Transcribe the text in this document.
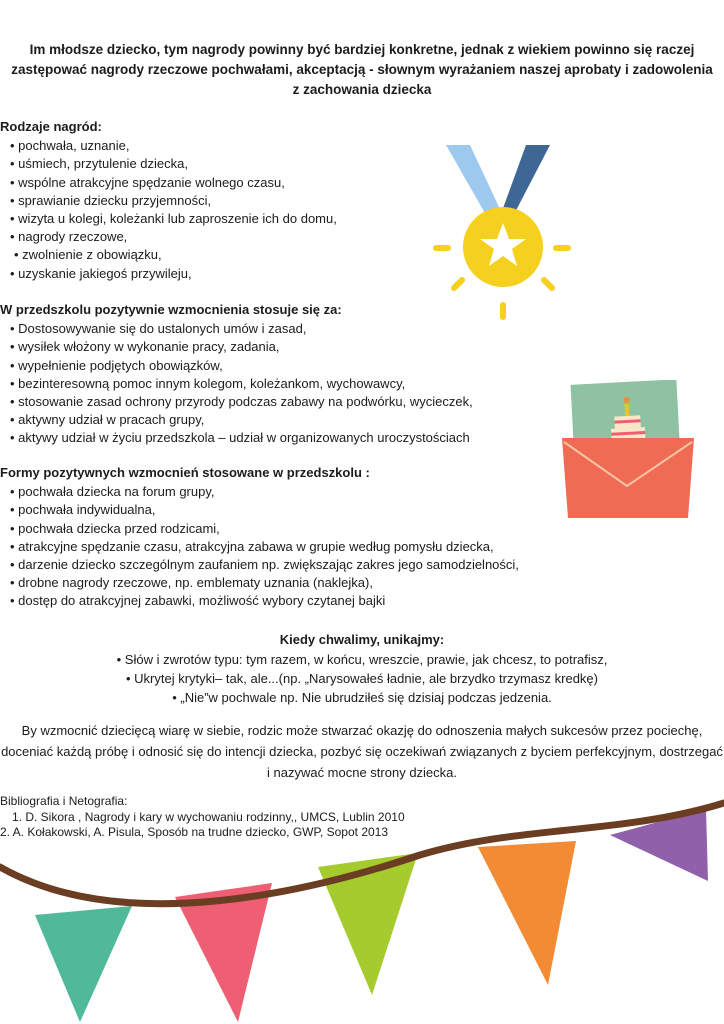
Im młodsze dziecko, tym nagrody powinny być bardziej konkretne, jednak z wiekiem powinno się raczej zastępować nagrody rzeczowe pochwałami, akceptacją - słownym wyrażaniem naszej aprobaty i zadowolenia z zachowania dziecka

Rodzaje nagród:
• pochwała, uznanie,
• uśmiech, przytulenie dziecka,
• wspólne atrakcyjne spędzanie wolnego czasu,
• sprawianie dziecku przyjemności,
• wizyta u kolegi, koleżanki lub zaproszenie ich do domu,
• nagrody rzeczowe,
• zwolnienie z obowiązku,
• uzyskanie jakiegoś przywileju,
W przedszkolu pozytywnie wzmocnienia stosuje się za:
• Dostosowywanie się do ustalonych umów i zasad,
• wysiłek włożony w wykonanie pracy, zadania,
• wypełnienie podjętych obowiązków,
• bezinteresowną pomoc innym kolegom, koleżankom, wychowawcy,
• stosowanie zasad ochrony przyrody podczas zabawy na podwórku, wycieczek,
• aktywny udział w pracach grupy,
• aktywy udział w życiu przedszkola – udział w organizowanych uroczystościach
Formy pozytywnych wzmocnień stosowane w przedszkolu :
• pochwała dziecka na forum grupy,
• pochwała indywidualna,
• pochwała dziecka przed rodzicami,
• atrakcyjne spędzanie czasu, atrakcyjna zabawa w grupie według pomysłu dziecka,
• darzenie dziecko szczególnym zaufaniem np. zwiększając zakres jego samodzielności,
• drobne nagrody rzeczowe, np. emblematy uznania (naklejka),
• dostęp do atrakcyjnej zabawki, możliwość wybory czytanej bajki
Kiedy chwalimy, unikajmy:
• Słów i zwrotów typu: tym razem, w końcu, wreszcie, prawie, jak chcesz, to potrafisz,
• Ukrytej krytyki– tak, ale...(np. „Narysowałeś ładnie, ale brzydko trzymasz kredkę)
• „Nie”w pochwale np. Nie ubrudziłeś się dzisiaj podczas jedzenia.

By wzmocnić dziecięcą wiarę w siebie, rodzic może stwarzać okazję do odnoszenia małych sukcesów przez pociechę, doceniać każdą próbę i odnosić się do intencji dziecka, pozbyć się oczekiwań związanych z byciem perfekcyjnym, dostrzegać i nazywać mocne strony dziecka.

Bibliografia i Netografia:

1. D. Sikora , Nagrody i kary w wychowaniu rodzinny,, UMCS, Lublin 2010
2. A. Kołakowski, A. Pisula, Sposób na trudne dziecko, GWP, Sopot 2013
